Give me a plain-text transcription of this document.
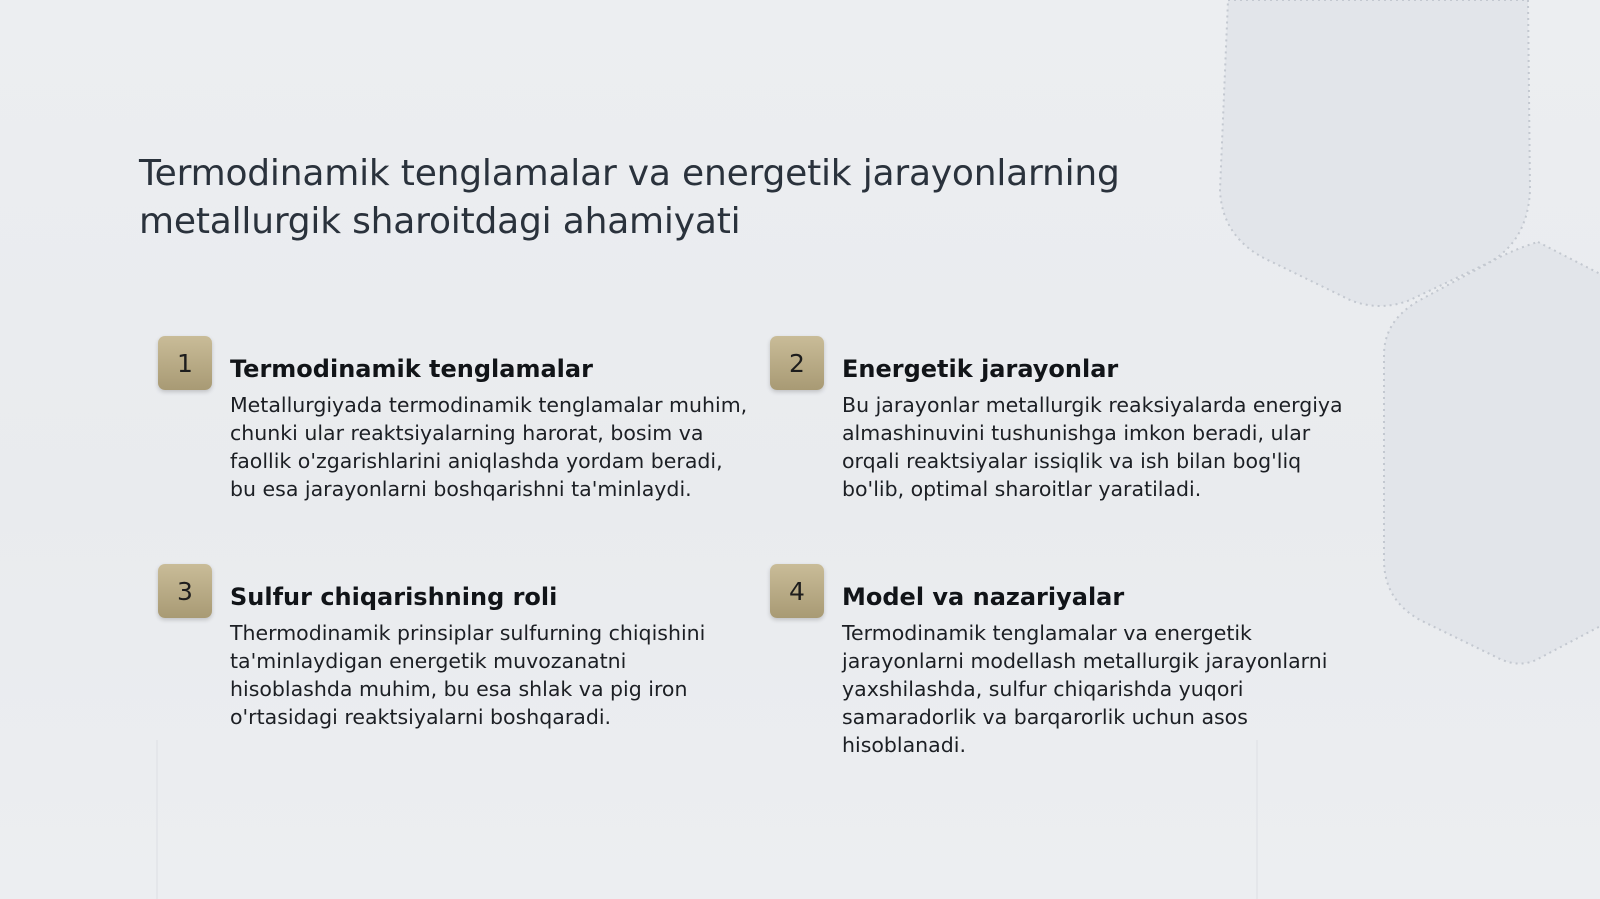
Termodinamik tenglamalar va energetik jarayonlarning metallurgik sharoitdagi ahamiyati
1	Termodinamik tenglamalar

Metallurgiyada termodinamik tenglamalar muhim, chunki ular reaktsiyalarning harorat, bosim va faollik o'zgarishlarini aniqlashda yordam beradi, bu esa jarayonlarni boshqarishni ta'minlaydi.

2	Energetik jarayonlar

Bu jarayonlar metallurgik reaksiyalarda energiya almashinuvini tushunishga imkon beradi, ular orqali reaktsiyalar issiqlik va ish bilan bog'liq bo'lib, optimal sharoitlar yaratiladi.

3	Sulfur chiqarishning roli

Thermodinamik prinsiplar sulfurning chiqishini ta'minlaydigan energetik muvozanatni hisoblashda muhim, bu esa shlak va pig iron o'rtasidagi reaktsiyalarni boshqaradi.

4	Model va nazariyalar

Termodinamik tenglamalar va energetik jarayonlarni modellash metallurgik jarayonlarni yaxshilashda, sulfur chiqarishda yuqori samaradorlik va barqarorlik uchun asos hisoblanadi.
